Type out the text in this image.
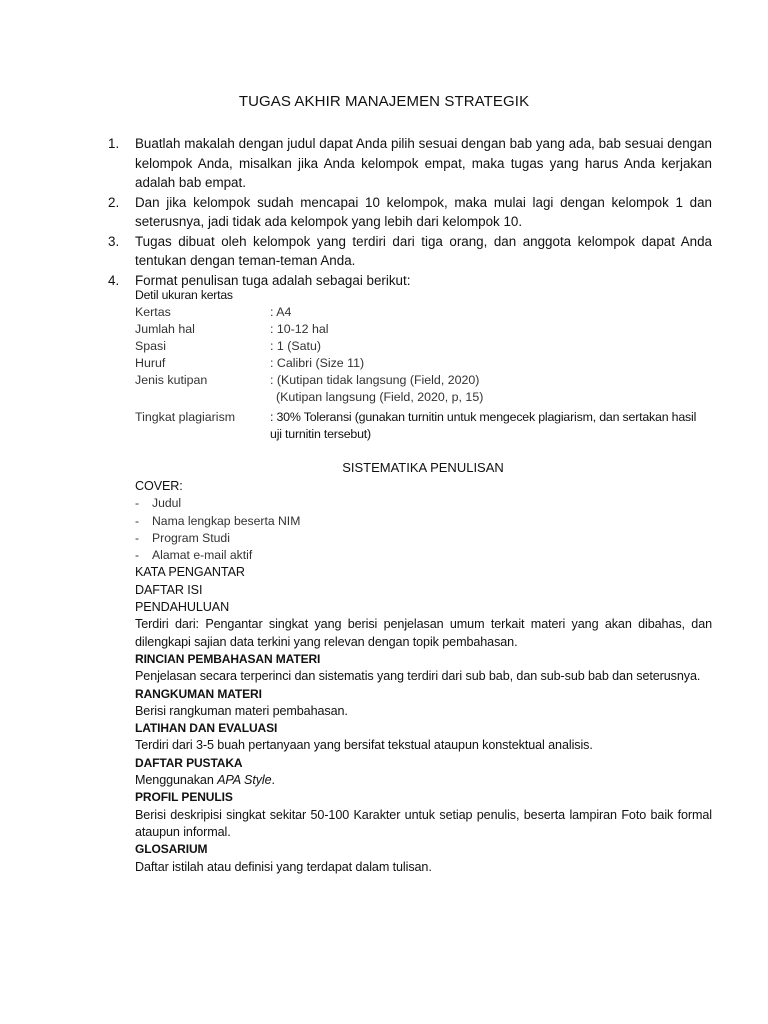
TUGAS AKHIR MANAJEMEN STRATEGIK
1. Buatlah makalah dengan judul dapat Anda pilih sesuai dengan bab yang ada, bab sesuai dengan kelompok Anda, misalkan jika Anda kelompok empat, maka tugas yang harus Anda kerjakan adalah bab empat.
2. Dan jika kelompok sudah mencapai 10 kelompok, maka mulai lagi dengan kelompok 1 dan seterusnya, jadi tidak ada kelompok yang lebih dari kelompok 10.
3. Tugas dibuat oleh kelompok yang terdiri dari tiga orang, dan anggota kelompok dapat Anda tentukan dengan teman-teman Anda.
4. Format penulisan tuga adalah sebagai berikut:
Detil ukuran kertas
Kertas	: A4
Jumlah hal	: 10-12 hal
Spasi	: 1 (Satu)
Huruf	: Calibri (Size 11)
Jenis kutipan	: (Kutipan tidak langsung (Field, 2020)
(Kutipan langsung (Field, 2020, p, 15)
Tingkat plagiarism	: 30% Toleransi (gunakan turnitin untuk mengecek plagiarism, dan sertakan hasil uji turnitin tersebut)
SISTEMATIKA PENULISAN
COVER:
- Judul
- Nama lengkap beserta NIM
- Program Studi
- Alamat e-mail aktif
KATA PENGANTAR
DAFTAR ISI
PENDAHULUAN
Terdiri dari: Pengantar singkat yang berisi penjelasan umum terkait materi yang akan dibahas, dan dilengkapi sajian data terkini yang relevan dengan topik pembahasan.
RINCIAN PEMBAHASAN MATERI
Penjelasan secara terperinci dan sistematis yang terdiri dari sub bab, dan sub-sub bab dan seterusnya.
RANGKUMAN MATERI
Berisi rangkuman materi pembahasan.
LATIHAN DAN EVALUASI
Terdiri dari 3-5 buah pertanyaan yang bersifat tekstual ataupun konstektual analisis.
DAFTAR PUSTAKA
Menggunakan APA Style.
PROFIL PENULIS
Berisi deskripisi singkat sekitar 50-100 Karakter untuk setiap penulis, beserta lampiran Foto baik formal ataupun informal.
GLOSARIUM
Daftar istilah atau definisi yang terdapat dalam tulisan.
